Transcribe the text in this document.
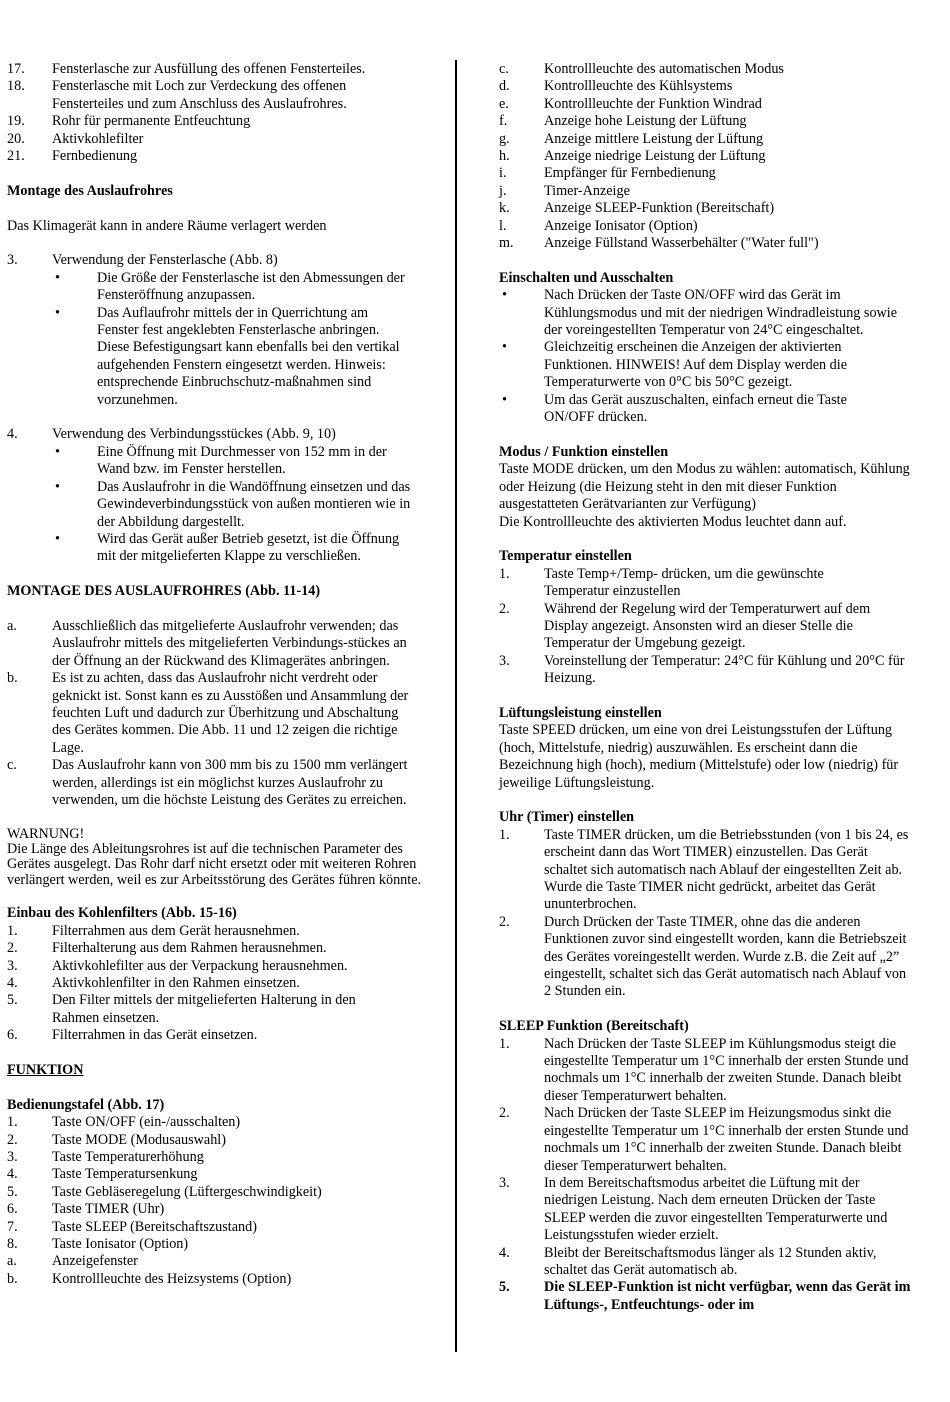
17.	Fensterlasche zur Ausfüllung des offenen Fensterteiles.
18.	Fensterlasche mit Loch zur Verdeckung des offenen Fensterteiles und zum Anschluss des Auslaufrohres.
19.	Rohr für permanente Entfeuchtung
20.	Aktivkohlefilter
21.	Fernbedienung
Montage des Auslaufrohres
Das Klimagerät kann in andere Räume verlagert werden
3.	Verwendung der Fensterlasche (Abb. 8)
•	Die Größe der Fensterlasche ist den Abmessungen der Fensteröffnung anzupassen.
•	Das Auflaufrohr mittels der in Querrichtung am Fenster fest angeklebten Fensterlasche anbringen. Diese Befestigungsart kann ebenfalls bei den vertikal aufgehenden Fenstern eingesetzt werden. Hinweis: entsprechende Einbruchschutz-maßnahmen sind vorzunehmen.
4.	Verwendung des Verbindungsstückes (Abb. 9, 10)
•	Eine Öffnung mit Durchmesser von 152 mm in der Wand bzw. im Fenster herstellen.
•	Das Auslaufrohr in die Wandöffnung einsetzen und das Gewindeverbindungsstück von außen montieren wie in der Abbildung dargestellt.
•	Wird das Gerät außer Betrieb gesetzt, ist die Öffnung mit der mitgelieferten Klappe zu verschließen.
MONTAGE DES AUSLAUFROHRES (Abb. 11-14)
a.	Ausschließlich das mitgelieferte Auslaufrohr verwenden; das Auslaufrohr mittels des mitgelieferten Verbindungs-stückes an der Öffnung an der Rückwand des Klimagerätes anbringen.
b.	Es ist zu achten, dass das Auslaufrohr nicht verdreht oder geknickt ist. Sonst kann es zu Ausstößen und Ansammlung der feuchten Luft und dadurch zur Überhitzung und Abschaltung des Gerätes kommen. Die Abb. 11 und 12 zeigen die richtige Lage.
c.	Das Auslaufrohr kann von 300 mm bis zu 1500 mm verlängert werden, allerdings ist ein möglichst kurzes Auslaufrohr zu verwenden, um die höchste Leistung des Gerätes zu erreichen.
WARNUNG!
Die Länge des Ableitungsrohres ist auf die technischen Parameter des Gerätes ausgelegt. Das Rohr darf nicht ersetzt oder mit weiteren Rohren verlängert werden, weil es zur Arbeitsstörung des Gerätes führen könnte.
Einbau des Kohlenfilters (Abb. 15-16)
1.	Filterrahmen aus dem Gerät herausnehmen.
2.	Filterhalterung aus dem Rahmen herausnehmen.
3.	Aktivkohlefilter aus der Verpackung herausnehmen.
4.	Aktivkohlenfilter in den Rahmen einsetzen.
5.	Den Filter mittels der mitgelieferten Halterung in den Rahmen einsetzen.
6.	Filterrahmen in das Gerät einsetzen.
FUNKTION
Bedienungstafel (Abb. 17)
1.	Taste ON/OFF (ein-/ausschalten)
2.	Taste MODE (Modusauswahl)
3.	Taste Temperaturerhöhung
4.	Taste Temperatursenkung
5.	Taste Gebläseregelung (Lüftergeschwindigkeit)
6.	Taste TIMER (Uhr)
7.	Taste SLEEP (Bereitschaftszustand)
8.	Taste Ionisator (Option)
a.	Anzeigefenster
b.	Kontrollleuchte des Heizsystems (Option)
c.	Kontrollleuchte des automatischen Modus
d.	Kontrollleuchte des Kühlsystems
e.	Kontrollleuchte der Funktion Windrad
f.	Anzeige hohe Leistung der Lüftung
g.	Anzeige mittlere Leistung der Lüftung
h.	Anzeige niedrige Leistung der Lüftung
i.	Empfänger für Fernbedienung
j.	Timer-Anzeige
k.	Anzeige SLEEP-Funktion (Bereitschaft)
l.	Anzeige Ionisator (Option)
m.	Anzeige Füllstand Wasserbehälter ("Water full")
Einschalten und Ausschalten
•	Nach Drücken der Taste ON/OFF wird das Gerät im Kühlungsmodus und mit der niedrigen Windradleistung sowie der voreingestellten Temperatur von 24°C eingeschaltet.
•	Gleichzeitig erscheinen die Anzeigen der aktivierten Funktionen. HINWEIS! Auf dem Display werden die Temperaturwerte von 0°C bis 50°C gezeigt.
•	Um das Gerät auszuschalten, einfach erneut die Taste ON/OFF drücken.
Modus / Funktion einstellen
Taste MODE drücken, um den Modus zu wählen: automatisch, Kühlung oder Heizung (die Heizung steht in den mit dieser Funktion ausgestatteten Gerätvarianten zur Verfügung)
Die Kontrollleuchte des aktivierten Modus leuchtet dann auf.
Temperatur einstellen
1.	Taste Temp+/Temp- drücken, um die gewünschte Temperatur einzustellen
2.	Während der Regelung wird der Temperaturwert auf dem Display angezeigt. Ansonsten wird an dieser Stelle die Temperatur der Umgebung gezeigt.
3.	Voreinstellung der Temperatur: 24°C für Kühlung und 20°C für Heizung.
Lüftungsleistung einstellen
Taste SPEED drücken, um eine von drei Leistungsstufen der Lüftung (hoch, Mittelstufe, niedrig) auszuwählen. Es erscheint dann die Bezeichnung high (hoch), medium (Mittelstufe) oder low (niedrig) für jeweilige Lüftungsleistung.
Uhr (Timer) einstellen
1.	Taste TIMER drücken, um die Betriebsstunden (von 1 bis 24, es erscheint dann das Wort TIMER) einzustellen. Das Gerät schaltet sich automatisch nach Ablauf der eingestellten Zeit ab. Wurde die Taste TIMER nicht gedrückt, arbeitet das Gerät ununterbrochen.
2.	Durch Drücken der Taste TIMER, ohne das die anderen Funktionen zuvor sind eingestellt worden, kann die Betriebszeit des Gerätes voreingestellt werden. Wurde z.B. die Zeit auf „2” eingestellt, schaltet sich das Gerät automatisch nach Ablauf von 2 Stunden ein.
SLEEP Funktion (Bereitschaft)
1.	Nach Drücken der Taste SLEEP im Kühlungsmodus steigt die eingestellte Temperatur um 1°C innerhalb der ersten Stunde und nochmals um 1°C innerhalb der zweiten Stunde. Danach bleibt dieser Temperaturwert behalten.
2.	Nach Drücken der Taste SLEEP im Heizungsmodus sinkt die eingestellte Temperatur um 1°C innerhalb der ersten Stunde und nochmals um 1°C innerhalb der zweiten Stunde. Danach bleibt dieser Temperaturwert behalten.
3.	In dem Bereitschaftsmodus arbeitet die Lüftung mit der niedrigen Leistung. Nach dem erneuten Drücken der Taste SLEEP werden die zuvor eingestellten Temperaturwerte und Leistungsstufen wieder erzielt.
4.	Bleibt der Bereitschaftsmodus länger als 12 Stunden aktiv, schaltet das Gerät automatisch ab.
5.	Die SLEEP-Funktion ist nicht verfügbar, wenn das Gerät im Lüftungs-, Entfeuchtungs- oder im
